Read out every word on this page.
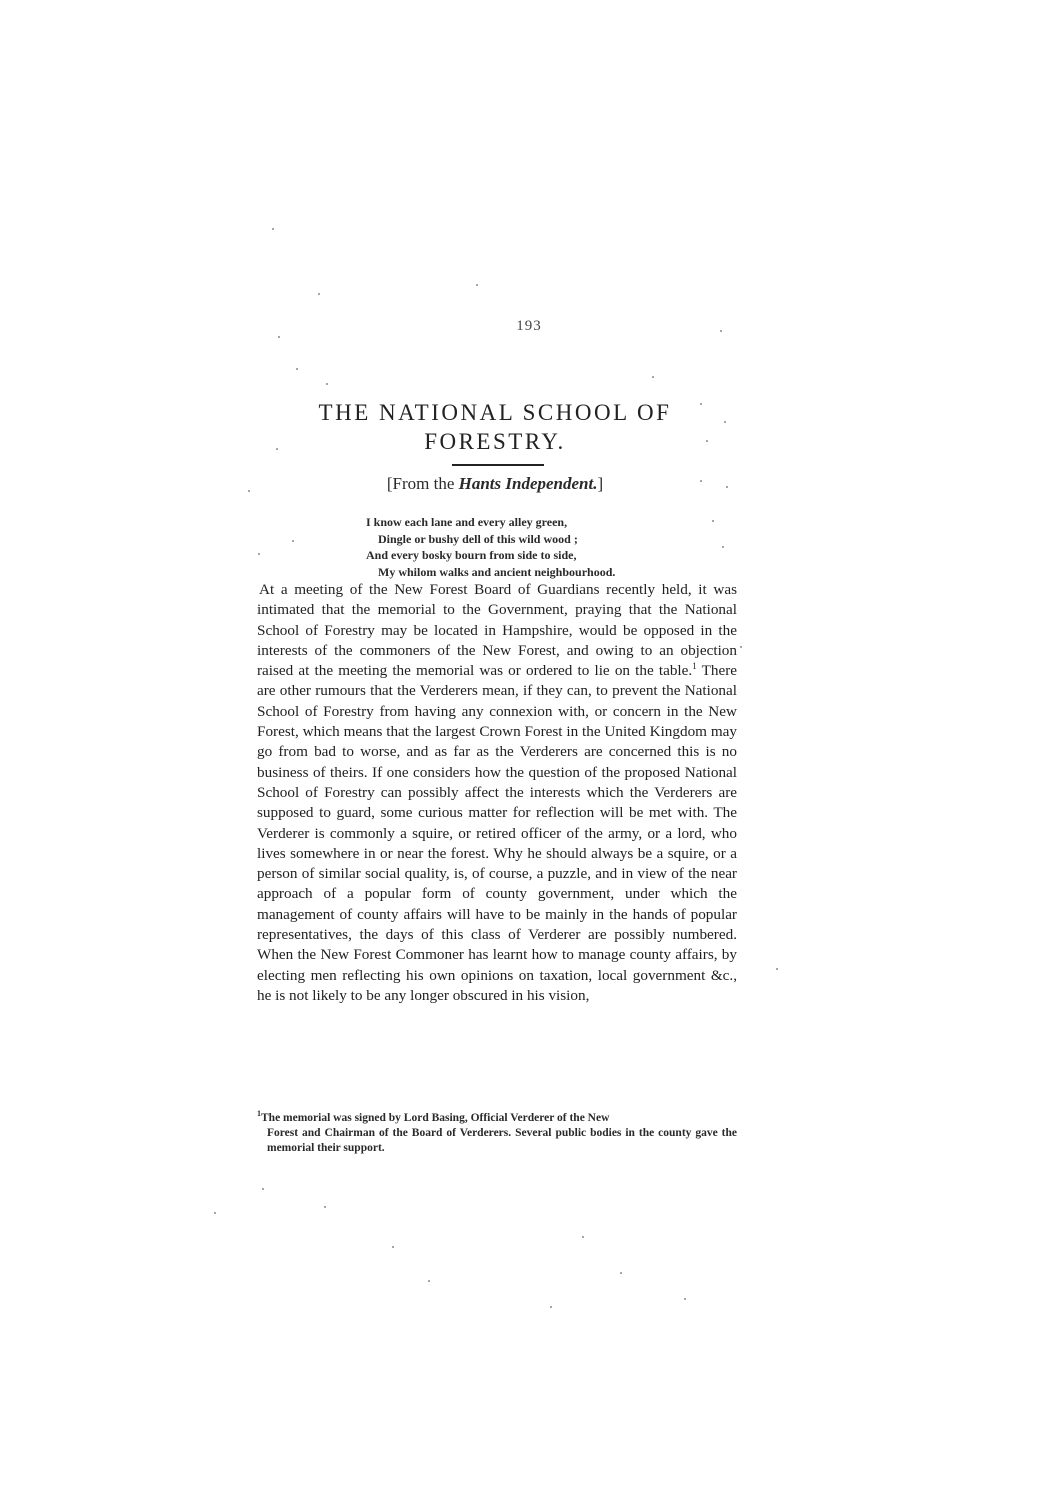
193
THE NATIONAL SCHOOL OF
FORESTRY.
[From the Hants Independent.]
I know each lane and every alley green,
Dingle or bushy dell of this wild wood ;
And every bosky bourn from side to side,
My whilom walks and ancient neighbourhood.
At a meeting of the New Forest Board of Guardians recently held, it was intimated that the memorial to the Government, praying that the National School of Forestry may be located in Hampshire, would be opposed in the interests of the commoners of the New Forest, and owing to an objection raised at the meeting the memorial was or ordered to lie on the table.$^1$ There are other rumours that the Verderers mean, if they can, to prevent the National School of Forestry from having any connexion with, or concern in the New Forest, which means that the largest Crown Forest in the United Kingdom may go from bad to worse, and as far as the Verderers are concerned this is no business of theirs. If one considers how the question of the proposed National School of Forestry can possibly affect the interests which the Verderers are supposed to guard, some curious matter for reflection will be met with. The Verderer is commonly a squire, or retired officer of the army, or a lord, who lives somewhere in or near the forest. Why he should always be a squire, or a person of similar social quality, is, of course, a puzzle, and in view of the near approach of a popular form of county government, under which the management of county affairs will have to be mainly in the hands of popular representatives, the days of this class of Verderer are possibly numbered. When the New Forest Commoner has learnt how to manage county affairs, by electing men reflecting his own opinions on taxation, local government &c., he is not likely to be any longer obscured in his vision,
$^1$The memorial was signed by Lord Basing, Official Verderer of the New
Forest and Chairman of the Board of Verderers. Several public bodies in the county gave the memorial their support.
